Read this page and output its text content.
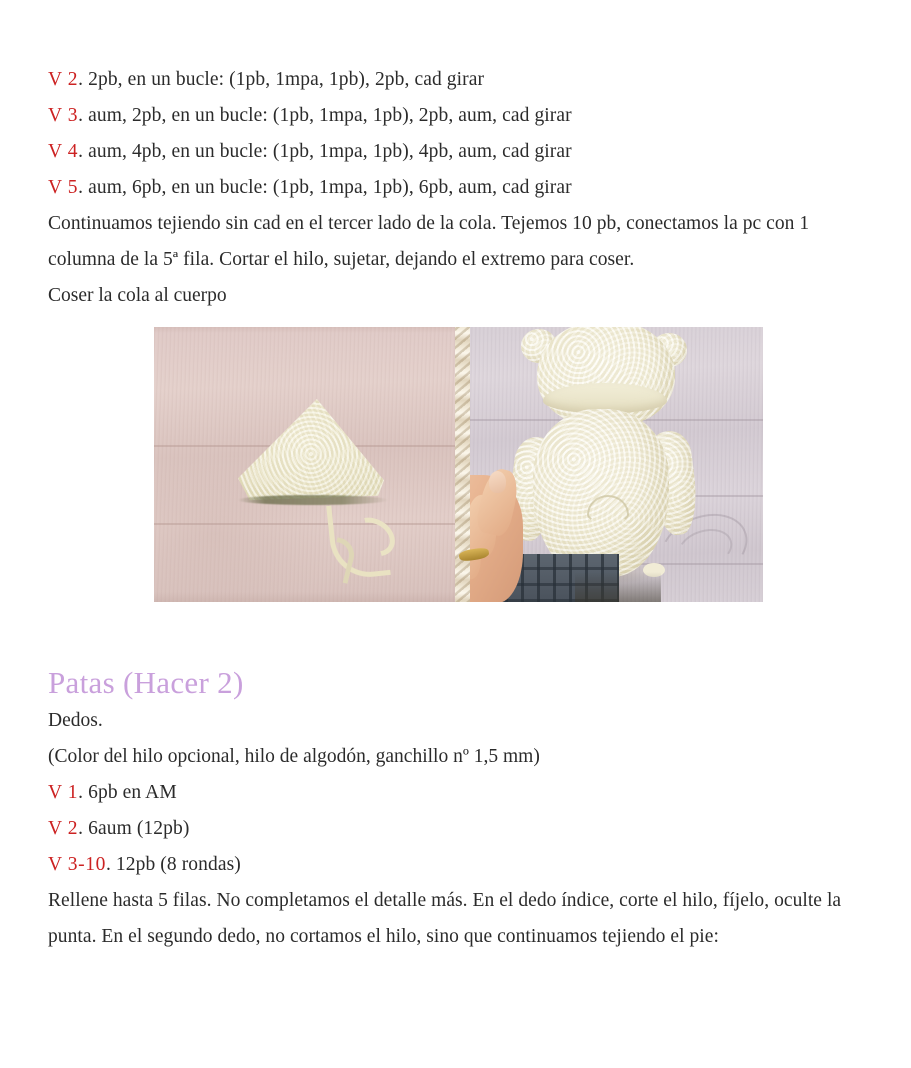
V 2. 2pb, en un bucle: (1pb, 1mpa, 1pb), 2pb, cad girar
V 3. aum, 2pb, en un bucle: (1pb, 1mpa, 1pb), 2pb, aum, cad girar
V 4. aum, 4pb, en un bucle: (1pb, 1mpa, 1pb), 4pb, aum, cad girar
V 5. aum, 6pb, en un bucle: (1pb, 1mpa, 1pb), 6pb, aum, cad girar
Continuamos tejiendo sin cad en el tercer lado de la cola. Tejemos 10 pb, conectamos la pc con 1 columna de la 5ª fila. Cortar el hilo, sujetar, dejando el extremo para coser.
Coser la cola al cuerpo
Patas (Hacer 2)
Dedos.
(Color del hilo opcional, hilo de algodón, ganchillo nº 1,5 mm)
V 1. 6pb en AM
V 2. 6aum (12pb)
V 3-10. 12pb (8 rondas)
Rellene hasta 5 filas. No completamos el detalle más. En el dedo índice, corte el hilo, fíjelo, oculte la punta. En el segundo dedo, no cortamos el hilo, sino que continuamos tejiendo el pie:
